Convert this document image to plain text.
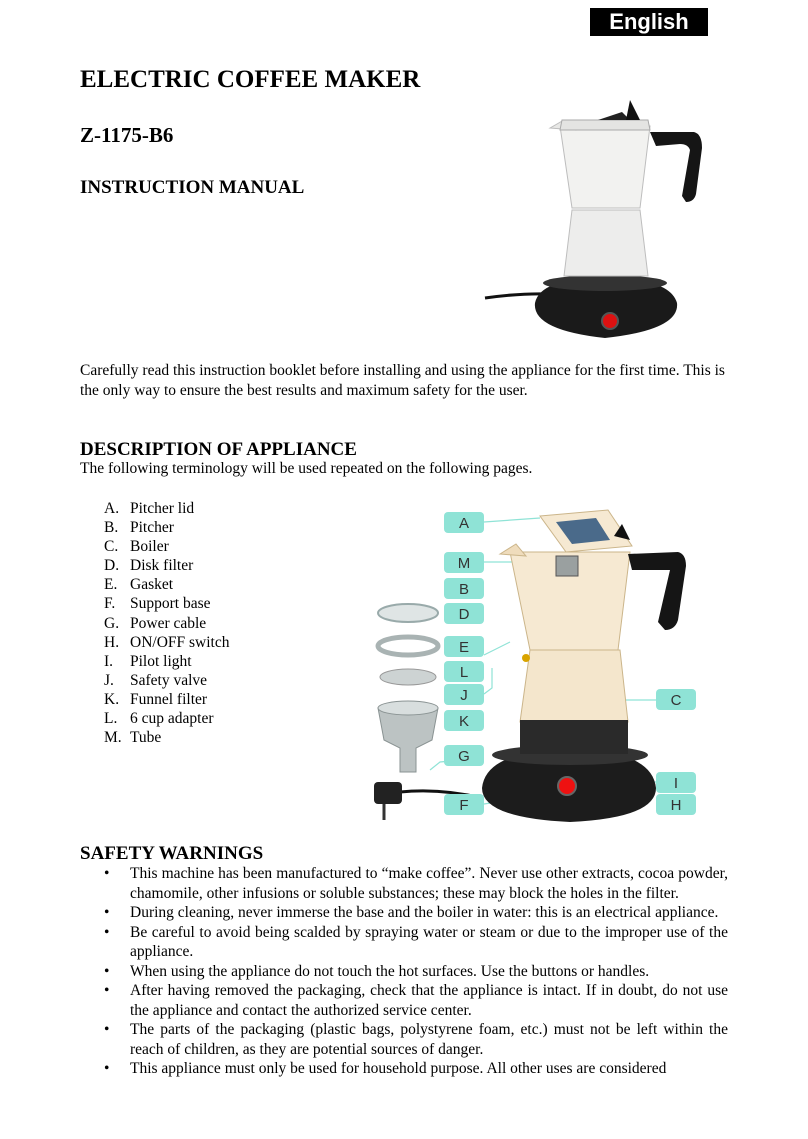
English
ELECTRIC COFFEE MAKER
Z-1175-B6
INSTRUCTION MANUAL

Carefully read this instruction booklet before installing and using the appliance for the first time. This is the only way to ensure the best results and maximum safety for the user.

DESCRIPTION OF APPLIANCE

The following terminology will be used repeated on the following pages.

A. Pitcher lid
B. Pitcher
C. Boiler
D. Disk filter
E. Gasket
F. Support base
G. Power cable
H. ON/OFF switch
I.	Pilot light
J.	Safety valve
K. Funnel filter
L. 6 cup adapter
M. Tube
A
M
B
D
E
L
J
K
G
F
C
I
H
SAFETY WARNINGS
• This machine has been manufactured to “make coffee”. Never use other extracts, cocoa powder, chamomile, other infusions or soluble substances; these may block the holes in the filter.
• During cleaning, never immerse the base and the boiler in water: this is an electrical appliance.
• Be careful to avoid being scalded by spraying water or steam or due to the improper use of the appliance.
• When using the appliance do not touch the hot surfaces. Use the buttons or handles.
• After having removed the packaging, check that the appliance is intact. If in doubt, do not use the appliance and contact the authorized service center.
• The parts of the packaging (plastic bags, polystyrene foam, etc.) must not be left within the reach of children, as they are potential sources of danger.
• This appliance must only be used for household purpose. All other uses are considered
